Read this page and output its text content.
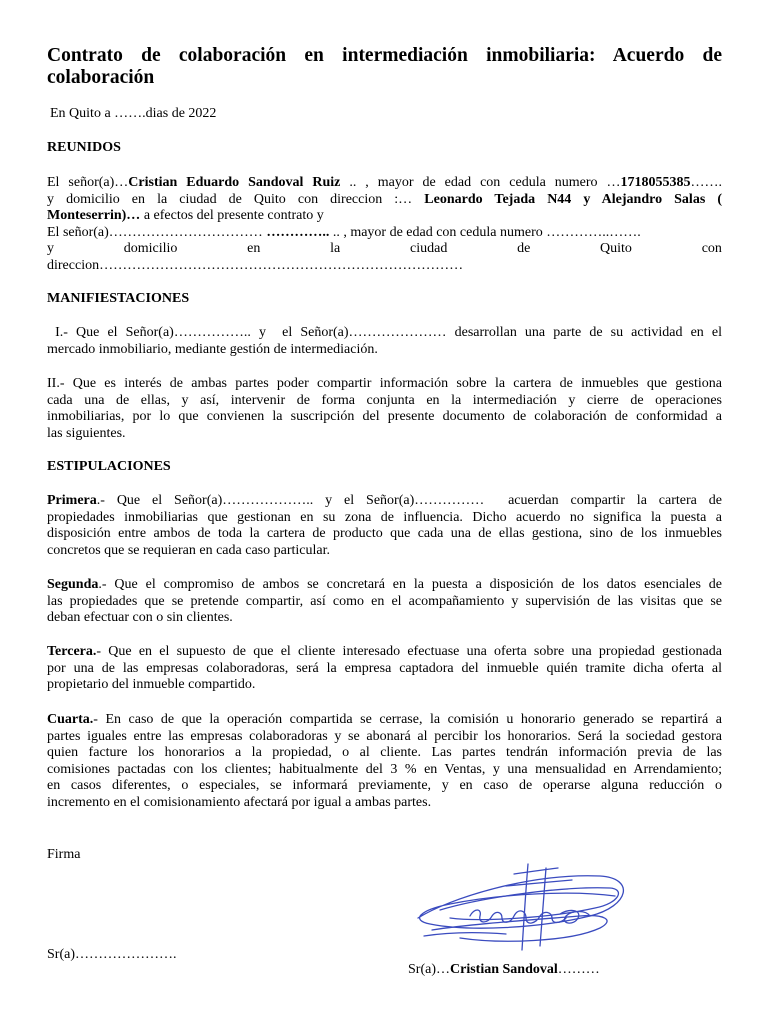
Contrato de colaboración en intermediación inmobiliaria: Acuerdo de
colaboración
En Quito a …….dias de 2022
REUNIDOS
El señor(a)…Cristian Eduardo Sandoval Ruiz .. , mayor de edad con cedula numero …1718055385…….
y domicilio en la ciudad de Quito con direccion :… Leonardo Tejada N44 y Alejandro Salas (
Monteserrin)… a efectos del presente contrato y
El señor(a)…………………………… ………….. .. , mayor de edad con cedula numero …………..…….
y	domicilio	en	la	ciudad	de	Quito	con
direccion……………………………………………………………………
MANIFIESTACIONES
I.- Que el Señor(a)…………….. y  el Señor(a)………………… desarrollan una parte de su actividad en el
mercado inmobiliario, mediante gestión de intermediación.
II.- Que es interés de ambas partes poder compartir información sobre la cartera de inmuebles que gestiona
cada una de ellas, y así, intervenir de forma conjunta en la intermediación y cierre de operaciones
inmobiliarias, por lo que convienen la suscripción del presente documento de colaboración de conformidad a
las siguientes.
ESTIPULACIONES
Primera.- Que el Señor(a)……………….. y el Señor(a)……………  acuerdan compartir la cartera de
propiedades inmobiliarias que gestionan en su zona de influencia. Dicho acuerdo no significa la puesta a
disposición entre ambos de toda la cartera de producto que cada una de ellas gestiona, sino de los inmuebles
concretos que se requieran en cada caso particular.
Segunda.- Que el compromiso de ambos se concretará en la puesta a disposición de los datos esenciales de
las propiedades que se pretende compartir, así como en el acompañamiento y supervisión de las visitas que se
deban efectuar con o sin clientes.
Tercera.- Que en el supuesto de que el cliente interesado efectuase una oferta sobre una propiedad gestionada
por una de las empresas colaboradoras, será la empresa captadora del inmueble quién tramite dicha oferta al
propietario del inmueble compartido.
Cuarta.- En caso de que la operación compartida se cerrase, la comisión u honorario generado se repartirá a
partes iguales entre las empresas colaboradoras y se abonará al percibir los honorarios. Será la sociedad gestora
quien facture los honorarios a la propiedad, o al cliente. Las partes tendrán información previa de las
comisiones pactadas con los clientes; habitualmente del 3 % en Ventas, y una mensualidad en Arrendamiento;
en casos diferentes, o especiales, se informará previamente, y en caso de operarse alguna reducción o
incremento en el comisionamiento afectará por igual a ambas partes.
Firma
Sr(a)………………….
Sr(a)…Cristian Sandoval………
